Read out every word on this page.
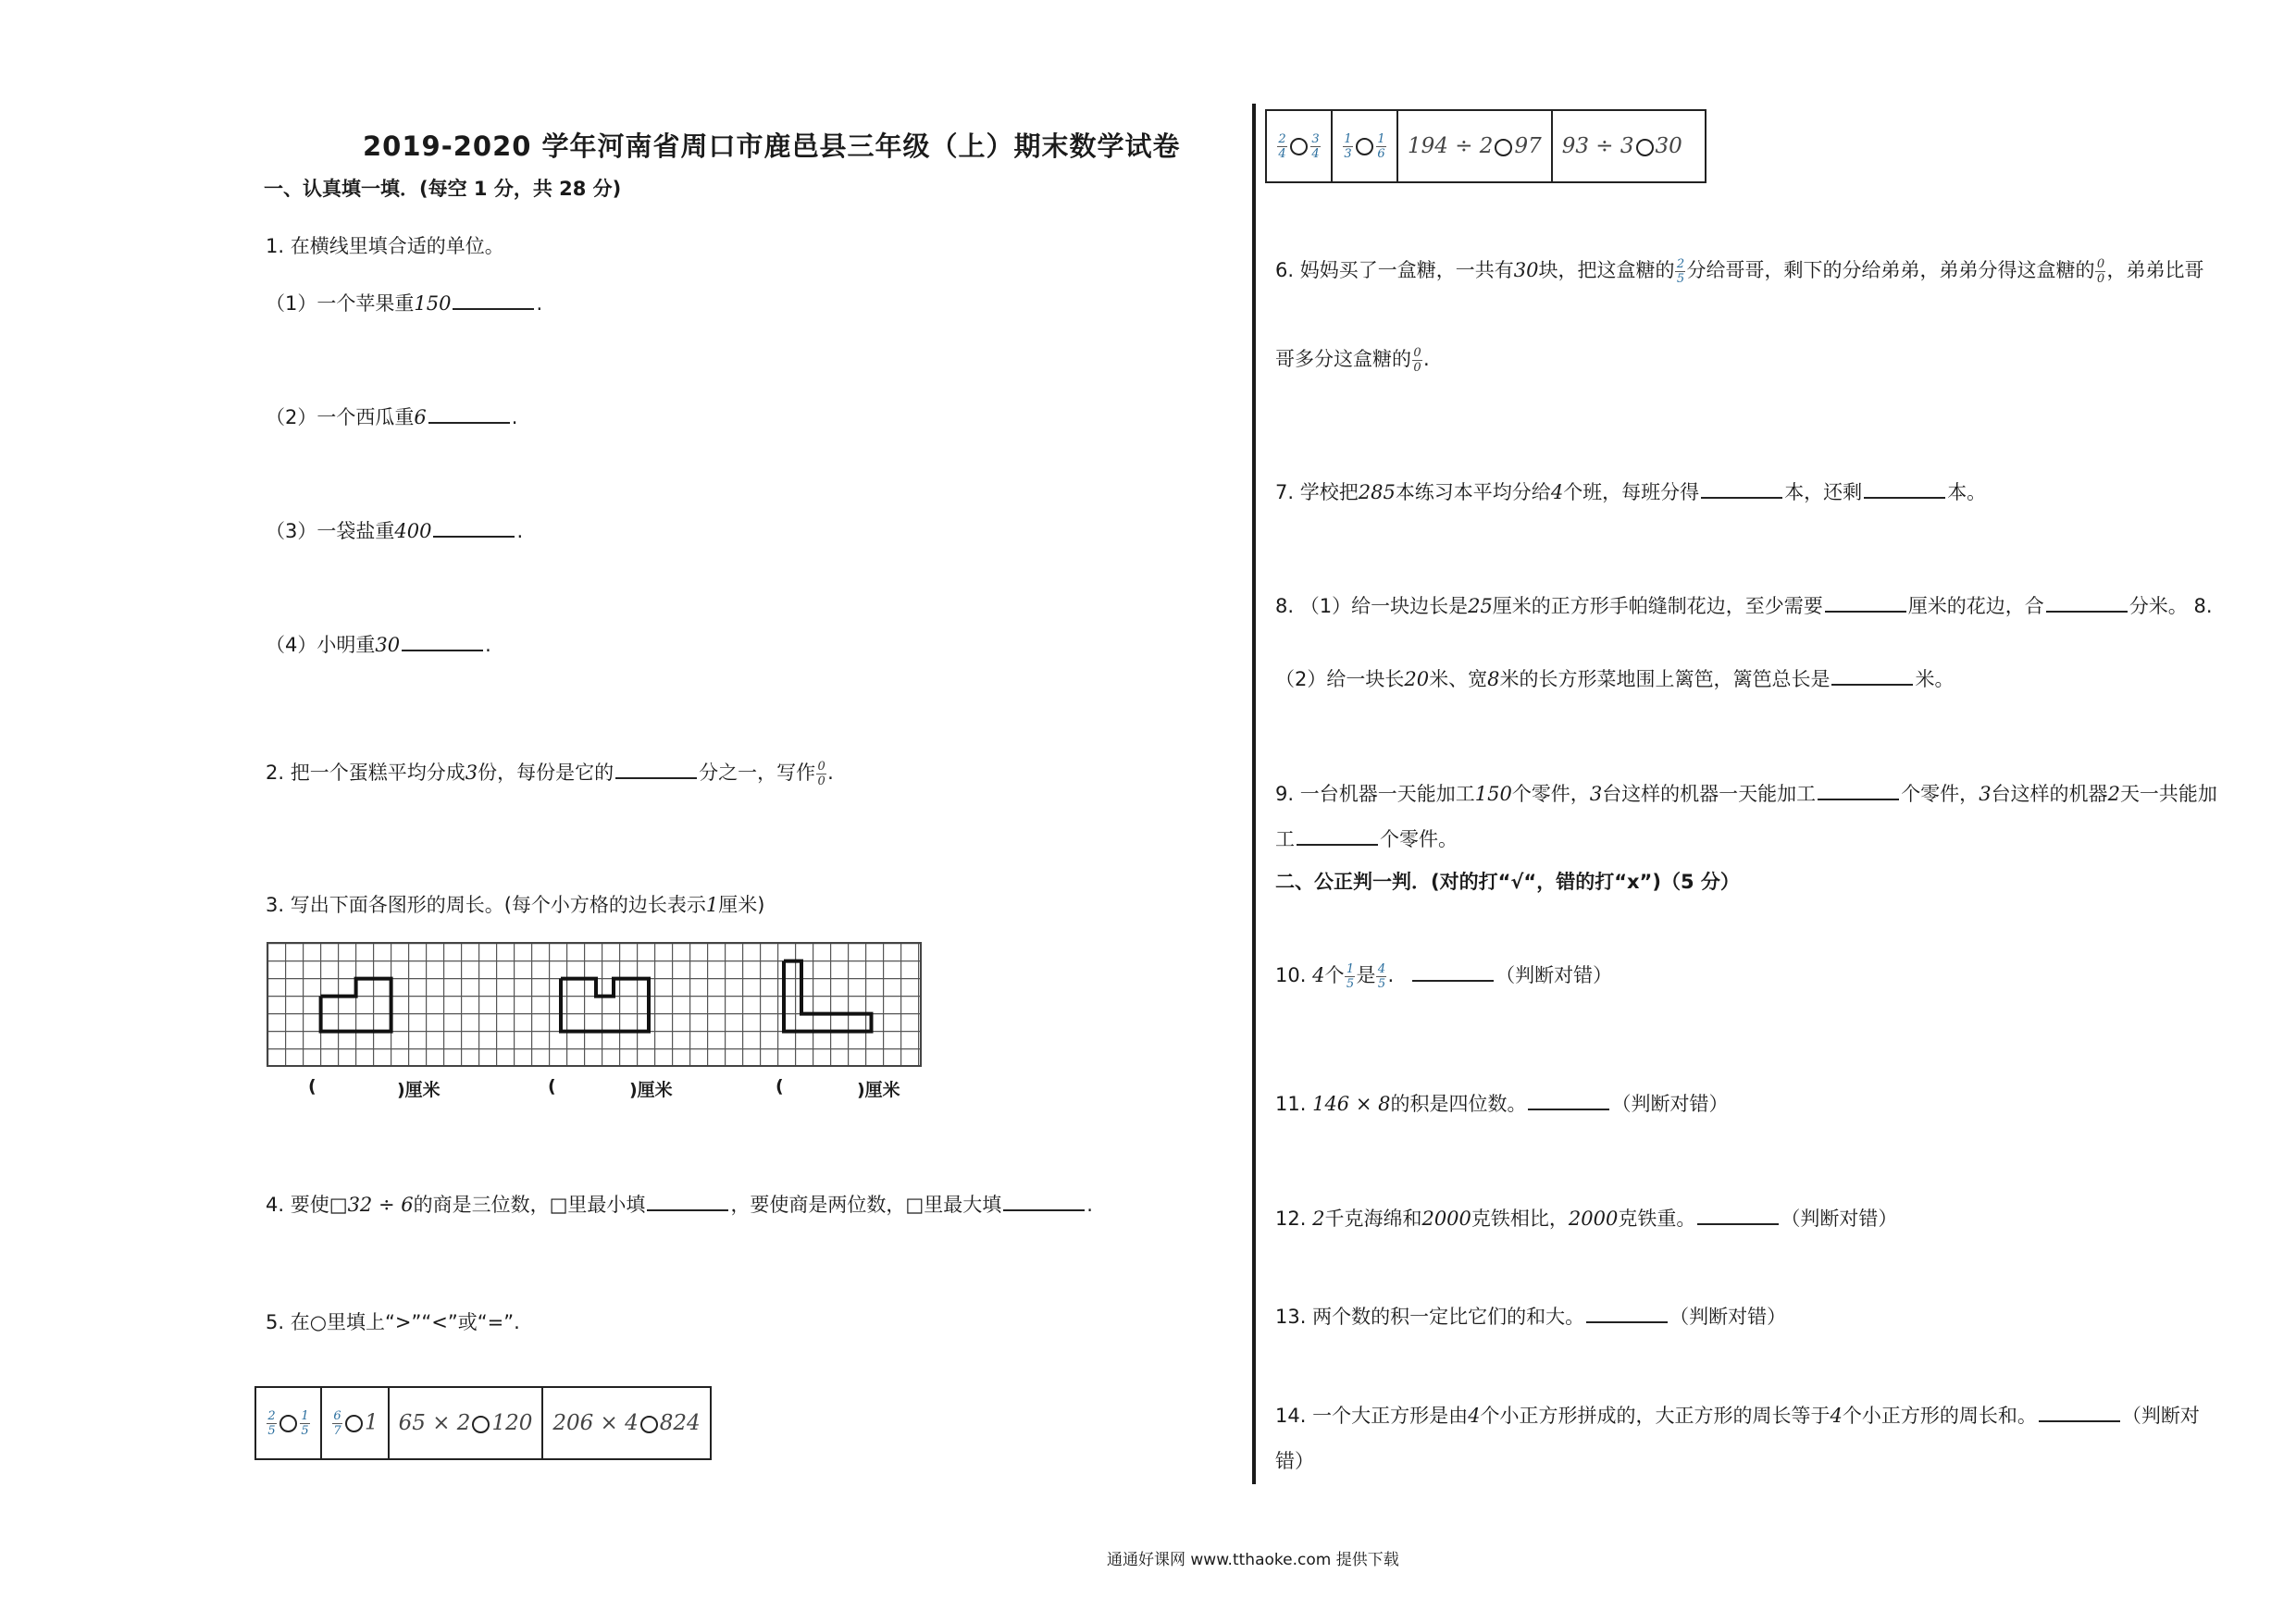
2019-2020 学年河南省周口市鹿邑县三年级（上）期末数学试卷
一、认真填一填．(每空 1 分，共 28 分)
1. 在横线里填合适的单位。
（1）一个苹果重150	.
（2）一个西瓜重6	.
（3）一袋盐重400	.
（4）小明重30	.
2. 把一个蛋糕平均分成3份，每份是它的	分之一，写作 $\frac{0}{0}$ .
3. 写出下面各图形的周长。(每个小方格的边长表示1厘米)
(	)厘米	(	)厘米	(	)厘米
4. 要使□32 ÷ 6的商是三位数，□里最小填	，要使商是两位数，□里最大填	.
5. 在○里填上“>”“<”或“=”.
$\frac{2}{5} \frac{1}{5}$	$\frac{6}{7} 1$	65 × 2 120	206 × 4 824
$\frac{2}{4} \frac{3}{4}$	$\frac{1}{3} \frac{1}{6}$	194 ÷ 2 97	93 ÷ 3 30
6. 妈妈买了一盒糖，一共有30块，把这盒糖的 $\frac{2}{5}$ 分给哥哥，剩下的分给弟弟，弟弟分得这盒糖的 $\frac{0}{0}$ ，弟弟比哥
哥多分这盒糖的 $\frac{0}{0}$ .
7. 学校把285本练习本平均分给4个班，每班分得	本，还剩	本。
8. （1）给一块边长是25厘米的正方形手帕缝制花边，至少需要	厘米的花边，合	分米。 8.
（2）给一块长20米、宽8米的长方形菜地围上篱笆，篱笆总长是	米。
9. 一台机器一天能加工150个零件，3台这样的机器一天能加工	个零件，3台这样的机器2天一共能加
工	个零件。
二、公正判一判．(对的打“√“，错的打“x”)（5 分）
10. 4个 $\frac{1}{5}$ 是 $\frac{4}{5}$ .	（判断对错）
11. 146 × 8的积是四位数。	（判断对错）
12. 2千克海绵和2000克铁相比，2000克铁重。	（判断对错）
13. 两个数的积一定比它们的和大。	（判断对错）
14. 一个大正方形是由4个小正方形拼成的，大正方形的周长等于4个小正方形的周长和。	（判断对
错）
通通好课网 www.tthaoke.com 提供下载
